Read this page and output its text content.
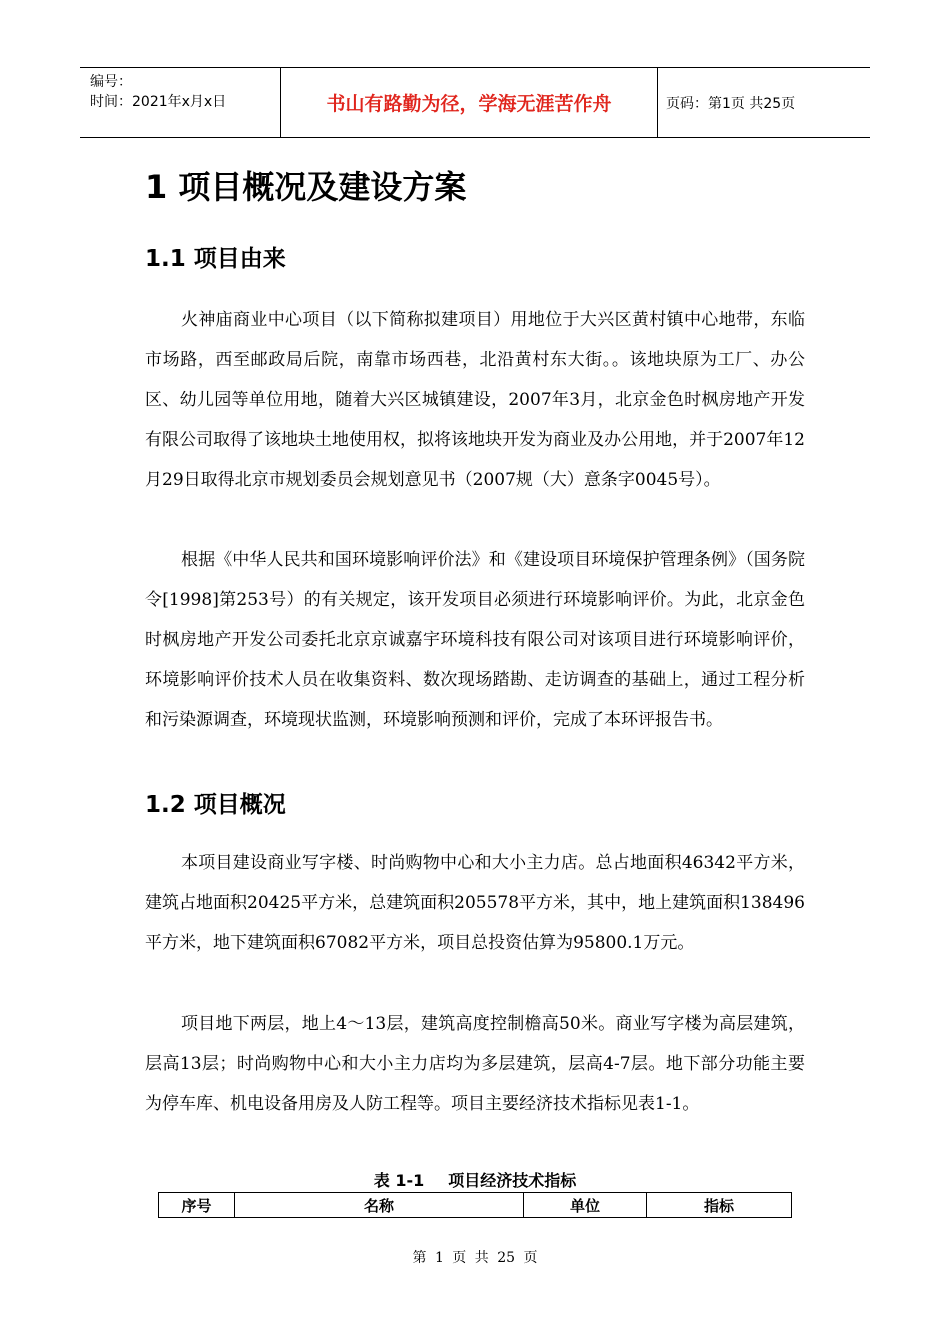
编号：
时间：2021年x月x日	书山有路勤为径，学海无涯苦作舟	页码：第1页 共25页
1 项目概况及建设方案
1.1 项目由来

火神庙商业中心项目（以下简称拟建项目）用地位于大兴区黄村镇中心地带，东临市场路，西至邮政局后院，南靠市场西巷，北沿黄村东大街。。该地块原为工厂、办公区、幼儿园等单位用地，随着大兴区城镇建设，2007年3月，北京金色时枫房地产开发有限公司取得了该地块土地使用权，拟将该地块开发为商业及办公用地，并于2007年12月29日取得北京市规划委员会规划意见书（2007规（大）意条字0045号）。

根据《中华人民共和国环境影响评价法》和《建设项目环境保护管理条例》（国务院令[1998]第253号）的有关规定，该开发项目必须进行环境影响评价。为此，北京金色时枫房地产开发公司委托北京京诚嘉宇环境科技有限公司对该项目进行环境影响评价，环境影响评价技术人员在收集资料、数次现场踏勘、走访调查的基础上，通过工程分析和污染源调查，环境现状监测，环境影响预测和评价，完成了本环评报告书。

1.2 项目概况

本项目建设商业写字楼、时尚购物中心和大小主力店。总占地面积46342平方米，建筑占地面积20425平方米，总建筑面积205578平方米，其中，地上建筑面积138496平方米，地下建筑面积67082平方米，项目总投资估算为95800.1万元。

项目地下两层，地上4～13层，建筑高度控制檐高50米。商业写字楼为高层建筑，层高13层；时尚购物中心和大小主力店均为多层建筑，层高4-7层。地下部分功能主要为停车库、机电设备用房及人防工程等。项目主要经济技术指标见表1-1。

表 1-1 项目经济技术指标
序号	名称	单位	指标
第 1 页 共 25 页
